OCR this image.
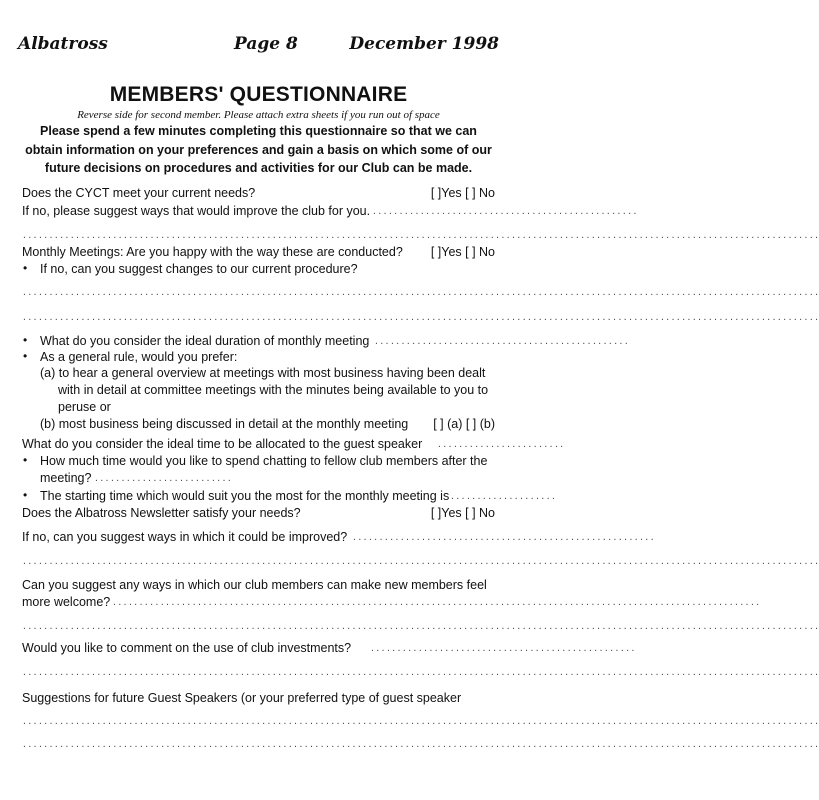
Albatross	Page 8	December 1998
MEMBERS' QUESTIONNAIRE
Reverse side for second member. Please attach extra sheets if you run out of space
Please spend a few minutes completing this questionnaire so that we can obtain information on your preferences and gain a basis on which some of our future decisions on procedures and activities for our Club can be made.
Does the CYCT meet your current needs?	[ ]Yes [ ] No
If no, please suggest ways that would improve the club for you. ..................................................
......................................................................................................................................................
Monthly Meetings: Are you happy with the way these are conducted? [ ]Yes [ ] No
• If no, can you suggest changes to our current procedure?
......................................................................................................................................................
......................................................................................................................................................
• What do you consider the ideal duration of monthly meeting ................................................
• As a general rule, would you prefer:
(a) to hear a general overview at meetings with most business having been dealt
with in detail at committee meetings with the minutes being available to you to
peruse or
(b) most business being discussed in detail at the monthly meeting [ ] (a) [ ] (b)
What do you consider the ideal time to be allocated to the guest speaker ........................
• How much time would you like to spend chatting to fellow club members after the
meeting? ..........................
• The starting time which would suit you the most for the monthly meeting is ....................
Does the Albatross Newsletter satisfy your needs?	[ ]Yes [ ] No
If no, can you suggest ways in which it could be improved? .........................................................
......................................................................................................................................................
Can you suggest any ways in which our club members can make new members feel
more welcome? ..........................................................................................................................
......................................................................................................................................................
Would you like to comment on the use of club investments? ..................................................
......................................................................................................................................................
Suggestions for future Guest Speakers (or your preferred type of guest speaker
......................................................................................................................................................
......................................................................................................................................................
